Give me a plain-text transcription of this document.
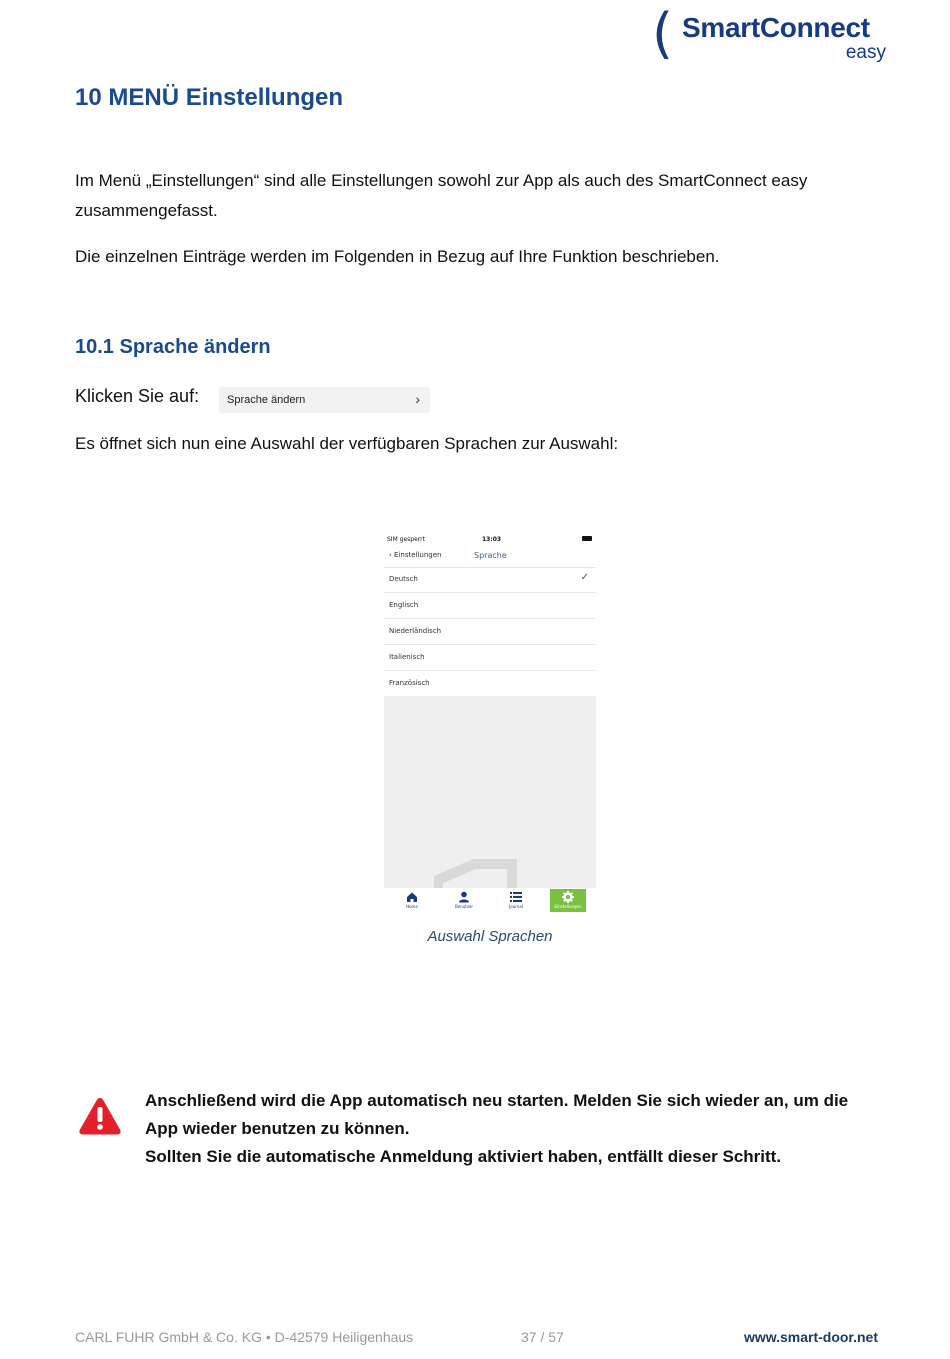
( SmartConnect
easy
10 MENÜ Einstellungen

Im Menü „Einstellungen“ sind alle Einstellungen sowohl zur App als auch des SmartConnect easy
zusammengefasst.

Die einzelnen Einträge werden im Folgenden in Bezug auf Ihre Funktion beschrieben.

10.1 Sprache ändern
Klicken Sie auf:	Sprache ändern	›

Es öffnet sich nun eine Auswahl der verfügbaren Sprachen zur Auswahl:

SIM gesperrt	13:03
‹ Einstellungen	Sprache
Deutsch	✓
Englisch
Niederländisch
Italienisch
Französisch
Home	Benutzer	Journal	Einstellungen
Auswahl Sprachen

Anschließend wird die App automatisch neu starten. Melden Sie sich wieder an, um die
App wieder benutzen zu können.
Sollten Sie die automatische Anmeldung aktiviert haben, entfällt dieser Schritt.

CARL FUHR GmbH & Co. KG • D-42579 Heiligenhaus	37 / 57	www.smart-door.net
